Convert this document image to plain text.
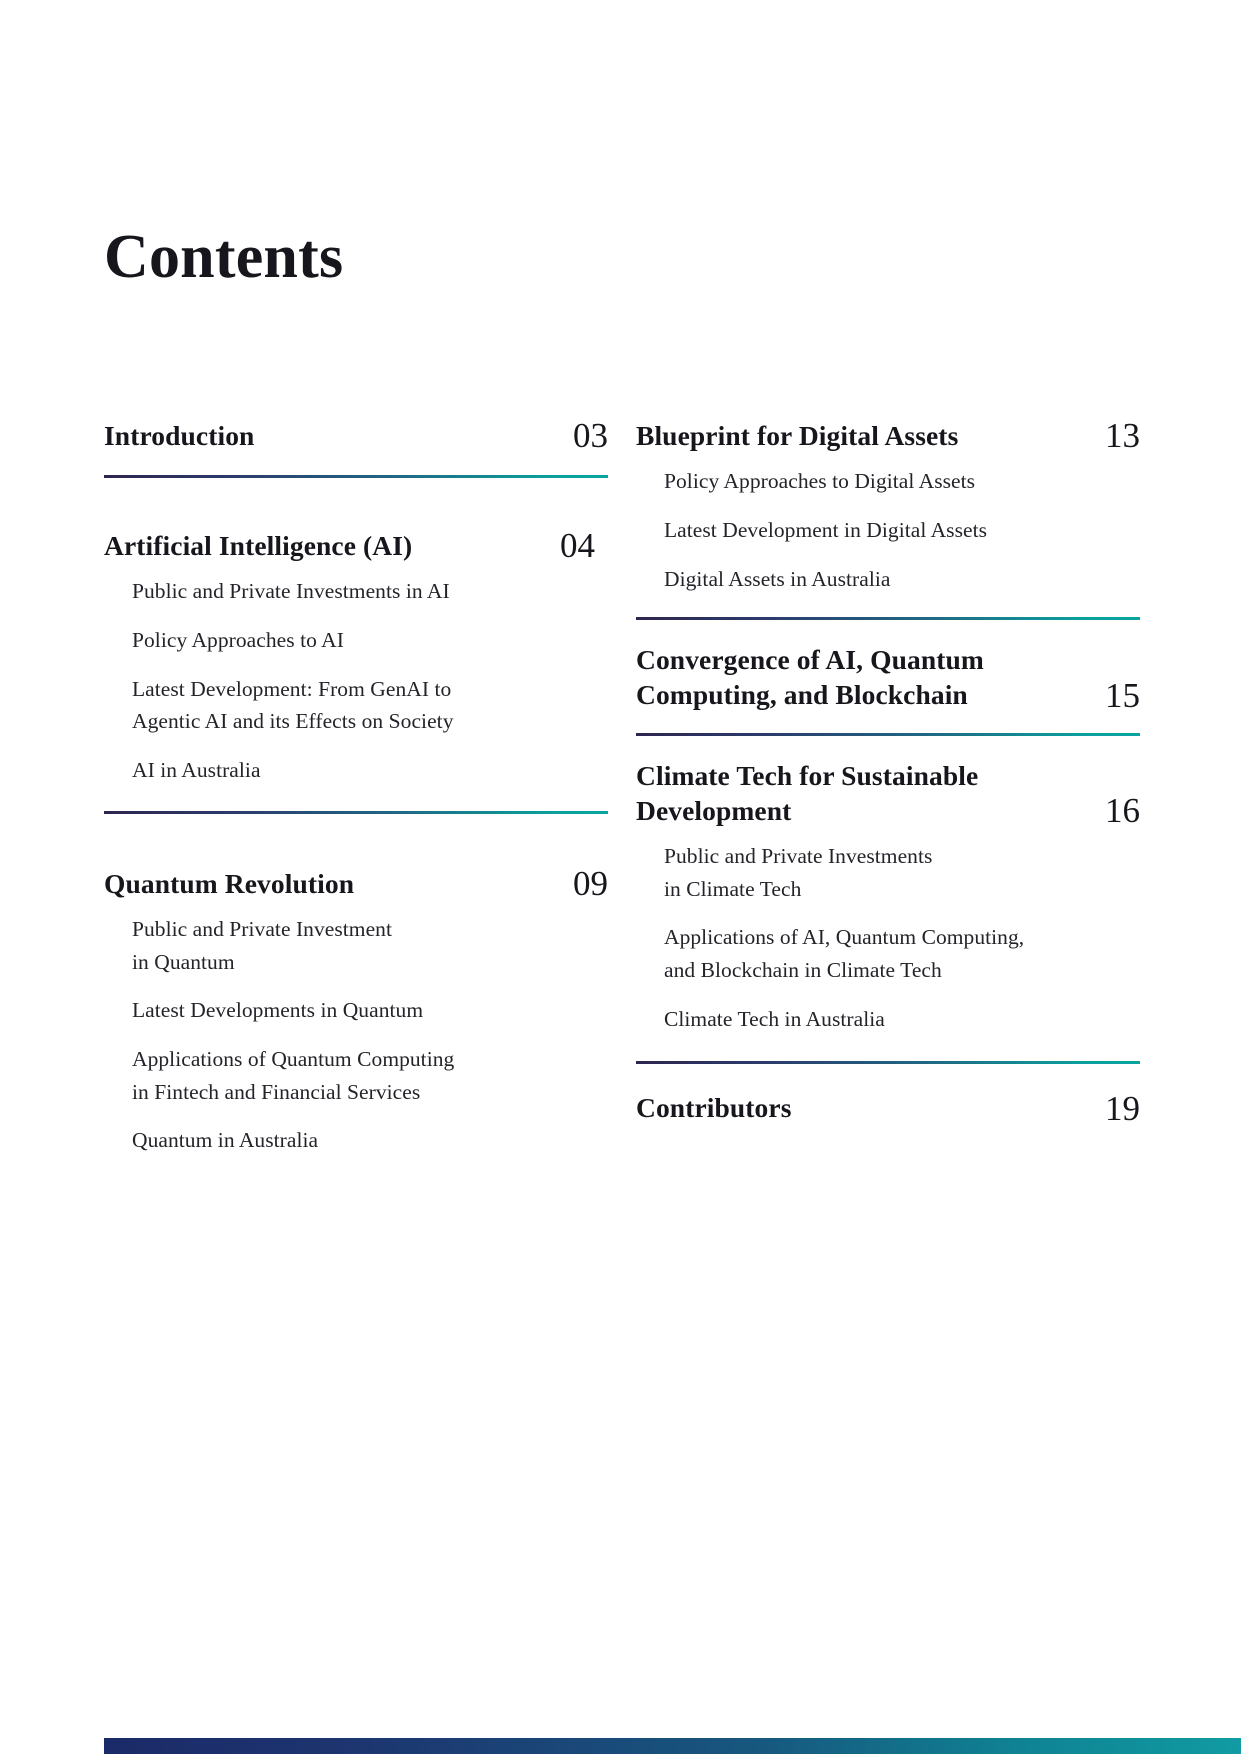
Contents
Introduction	03
Artificial Intelligence (AI)	04
Public and Private Investments in AI
Policy Approaches to AI
Latest Development: From GenAI to
Agentic AI and its Effects on Society
AI in Australia
Quantum Revolution	09
Public and Private Investment
in Quantum
Latest Developments in Quantum
Applications of Quantum Computing
in Fintech and Financial Services
Quantum in Australia
Blueprint for Digital Assets	13
Policy Approaches to Digital Assets
Latest Development in Digital Assets
Digital Assets in Australia
Convergence of AI, Quantum
Computing, and Blockchain	15
Climate Tech for Sustainable
Development	16
Public and Private Investments
in Climate Tech
Applications of AI, Quantum Computing,
and Blockchain in Climate Tech
Climate Tech in Australia
Contributors	19
